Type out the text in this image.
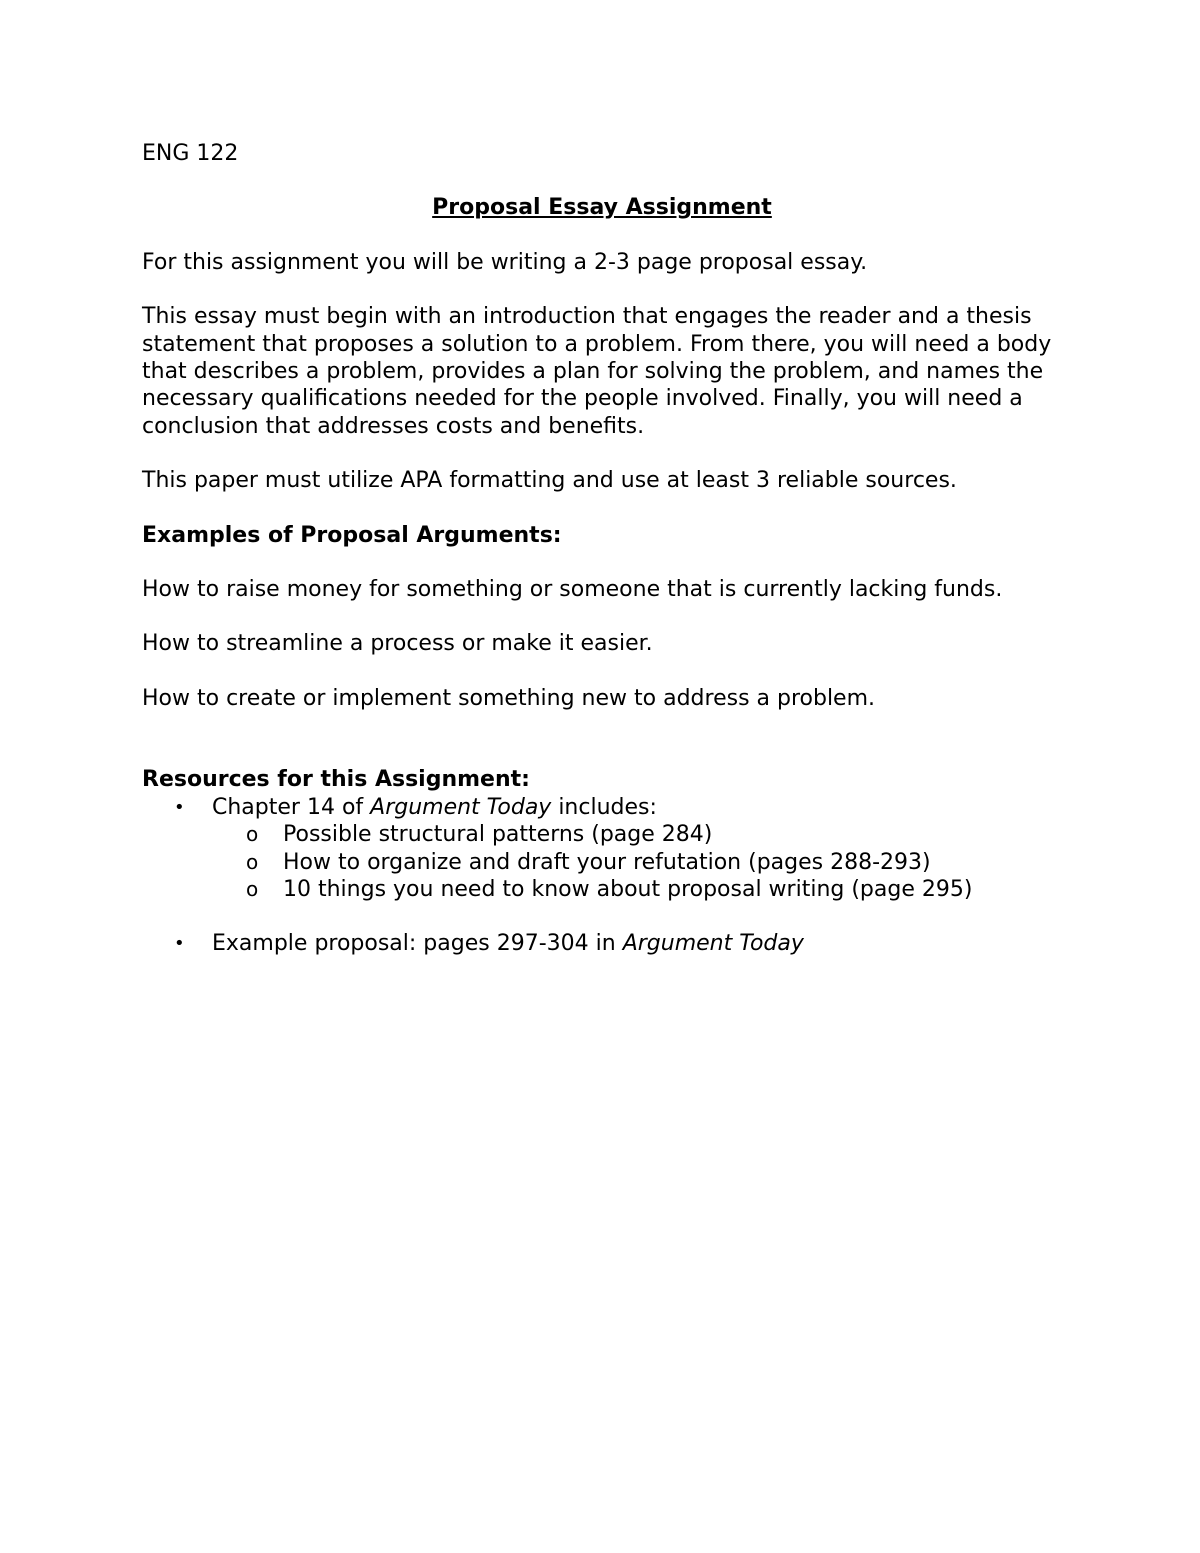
ENG 122
Proposal Essay Assignment

For this assignment you will be writing a 2-3 page proposal essay.

This essay must begin with an introduction that engages the reader and a thesis statement that proposes a solution to a problem. From there, you will need a body that describes a problem, provides a plan for solving the problem, and names the necessary qualifications needed for the people involved. Finally, you will need a conclusion that addresses costs and benefits.

This paper must utilize APA formatting and use at least 3 reliable sources.

Examples of Proposal Arguments:

How to raise money for something or someone that is currently lacking funds.

How to streamline a process or make it easier.

How to create or implement something new to address a problem.

Resources for this Assignment:
• Chapter 14 of Argument Today includes:
o Possible structural patterns (page 284)
o How to organize and draft your refutation (pages 288-293)
o 10 things you need to know about proposal writing (page 295)
• Example proposal: pages 297-304 in Argument Today
